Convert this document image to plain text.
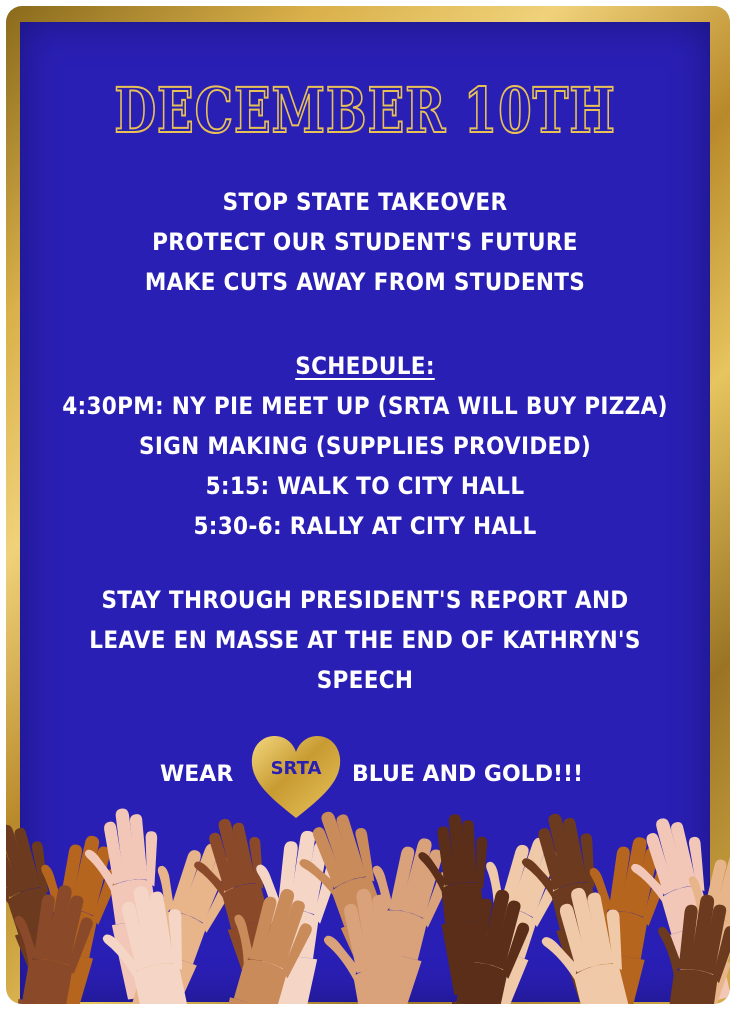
DECEMBER 10TH
STOP STATE TAKEOVER
PROTECT OUR STUDENT'S FUTURE
MAKE CUTS AWAY FROM STUDENTS
SCHEDULE:
4:30PM: NY PIE MEET UP (SRTA WILL BUY PIZZA)
SIGN MAKING (SUPPLIES PROVIDED)
5:15: WALK TO CITY HALL
5:30-6: RALLY AT CITY HALL
STAY THROUGH PRESIDENT'S REPORT AND
LEAVE EN MASSE AT THE END OF KATHRYN'S
SPEECH
WEAR	SRTA	BLUE AND GOLD!!!
